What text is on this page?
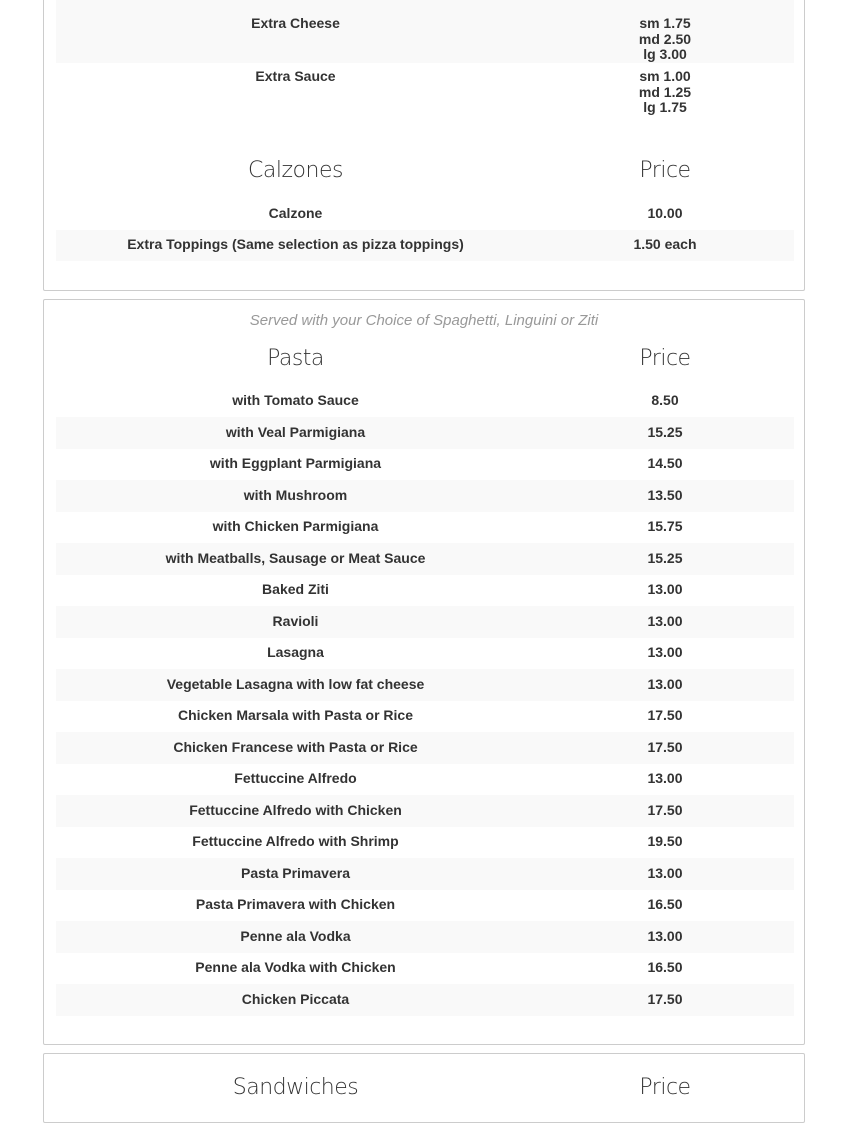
Extra Cheese	sm 1.75
md 2.50
lg 3.00
Extra Sauce	sm 1.00
md 1.25
lg 1.75
Calzones	Price
Calzone	10.00
Extra Toppings (Same selection as pizza toppings)	1.50 each
Served with your Choice of Spaghetti, Linguini or Ziti
Pasta	Price
with Tomato Sauce	8.50
with Veal Parmigiana	15.25
with Eggplant Parmigiana	14.50
with Mushroom	13.50
with Chicken Parmigiana	15.75
with Meatballs, Sausage or Meat Sauce	15.25
Baked Ziti	13.00
Ravioli	13.00
Lasagna	13.00
Vegetable Lasagna with low fat cheese	13.00
Chicken Marsala with Pasta or Rice	17.50
Chicken Francese with Pasta or Rice	17.50
Fettuccine Alfredo	13.00
Fettuccine Alfredo with Chicken	17.50
Fettuccine Alfredo with Shrimp	19.50
Pasta Primavera	13.00
Pasta Primavera with Chicken	16.50
Penne ala Vodka	13.00
Penne ala Vodka with Chicken	16.50
Chicken Piccata	17.50
Sandwiches	Price
